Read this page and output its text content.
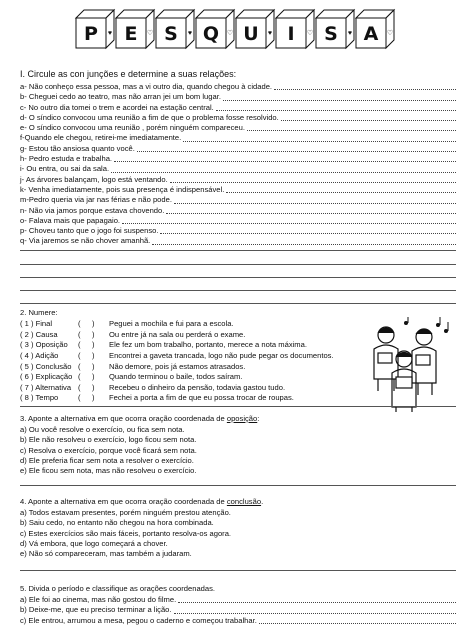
P ♥ E ♡ S ♥ Q ♡ U ♥ I ♡ S ♥ A ♡
I. Circule as con junções e determine a suas relações:
a- Não conheço essa pessoa, mas a vi outro dia, quando chegou à cidade.
b- Cheguei cedo ao teatro, mas não arran jei um bom lugar.
c- No outro dia tomei o trem e acordei na estação central.
d- O síndico convocou uma reunião a fim de que o problema fosse resolvido.
e- O síndico convocou uma reunião , porém ninguém compareceu.
f-Quando ele chegou, retirei-me imediatamente.
g- Estou tão ansiosa quanto você.
h- Pedro estuda e trabalha.
i- Ou entra, ou sai da sala.
j- As árvores balançam, logo está ventando.
k- Venha imediatamente, pois sua presença é indispensável.
m-Pedro queria via jar nas férias e não pode.
n- Não via jamos porque estava chovendo.
o- Falava mais que papagaio.
p- Choveu tanto que o jogo foi suspenso.
q- Via jaremos se não chover amanhã.
2. Numere:
( 1 ) Final	(	)	Peguei a mochila e fui para a escola.
( 2 ) Causa	(	)	Ou entre já na sala ou perderá o exame.
( 3 ) Oposição	(	)	Ele fez um bom trabalho, portanto, merece a nota máxima.
( 4 ) Adição	(	)	Encontrei a gaveta trancada, logo não pude pegar os documentos.
( 5 ) Conclusão (	)	Não demore, pois já estamos atrasados.
( 6 ) Explicação (	)	Quando terminou o baile, todos saíram.
( 7 ) Alternativa (	)	Recebeu o dinheiro da pensão, todavia gastou tudo.
( 8 ) Tempo	(	)	Fechei a porta a fim de que eu possa trocar de roupas.
3. Aponte a alternativa em que ocorra oração coordenada de oposição:
a) Ou você resolve o exercício, ou fica sem nota.
b) Ele não resolveu o exercício, logo ficou sem nota.
c) Resolva o exercício, porque você ficará sem nota.
d) Ele preferia ficar sem nota a resolver o exercício.
e) Ele ficou sem nota, mas não resolveu o exercício.
4. Aponte a alternativa em que ocorra oração coordenada de conclusão.
a) Todos estavam presentes, porém ninguém prestou atenção.
b) Saiu cedo, no entanto não chegou na hora combinada.
c) Estes exercícios são mais fáceis, portanto resolva-os agora.
d) Vá embora, que logo começará a chover.
e) Não só compareceram, mas também a judaram.
5. Divida o período e classifique as orações coordenadas.
a) Ele foi ao cinema, mas não gostou do filme.
b) Deixe-me, que eu preciso terminar a lição.
c) Ele entrou, arrumou a mesa, pegou o caderno e começou trabalhar.
